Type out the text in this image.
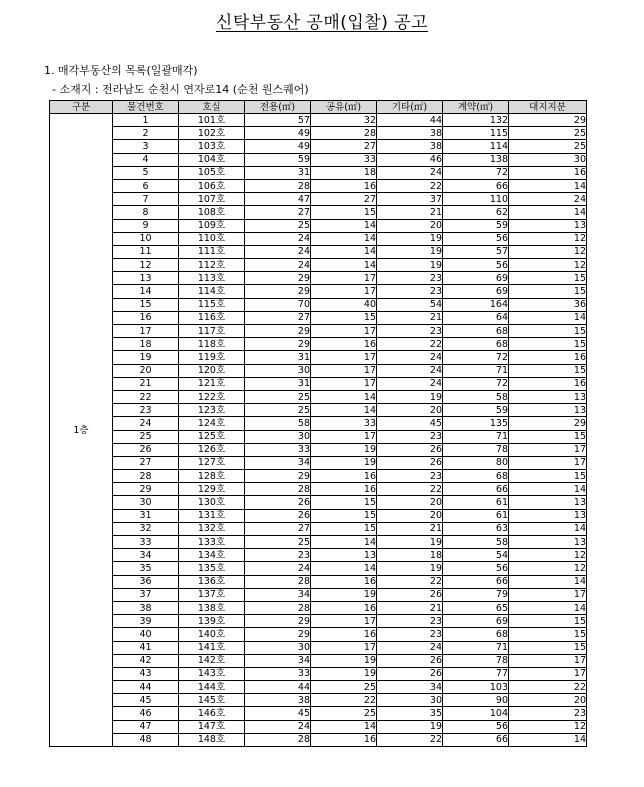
신탁부동산 공매(입찰) 공고
1. 매각부동산의 목록(일괄매각)
- 소재지 : 전라남도 순천시 연자로14 (순천 원스퀘어)
구분	물건번호	호실	전용(㎡)	공유(㎡)	기타(㎡)	계약(㎡)	대지지분
1층	1	101호	57	32	44	132	29
	2	102호	49	28	38	115	25
	3	103호	49	27	38	114	25
	4	104호	59	33	46	138	30
	5	105호	31	18	24	72	16
	6	106호	28	16	22	66	14
	7	107호	47	27	37	110	24
	8	108호	27	15	21	62	14
	9	109호	25	14	20	59	13
	10	110호	24	14	19	56	12
	11	111호	24	14	19	57	12
	12	112호	24	14	19	56	12
	13	113호	29	17	23	69	15
	14	114호	29	17	23	69	15
	15	115호	70	40	54	164	36
	16	116호	27	15	21	64	14
	17	117호	29	17	23	68	15
	18	118호	29	16	22	68	15
	19	119호	31	17	24	72	16
	20	120호	30	17	24	71	15
	21	121호	31	17	24	72	16
	22	122호	25	14	19	58	13
	23	123호	25	14	20	59	13
	24	124호	58	33	45	135	29
	25	125호	30	17	23	71	15
	26	126호	33	19	26	78	17
	27	127호	34	19	26	80	17
	28	128호	29	16	23	68	15
	29	129호	28	16	22	66	14
	30	130호	26	15	20	61	13
	31	131호	26	15	20	61	13
	32	132호	27	15	21	63	14
	33	133호	25	14	19	58	13
	34	134호	23	13	18	54	12
	35	135호	24	14	19	56	12
	36	136호	28	16	22	66	14
	37	137호	34	19	26	79	17
	38	138호	28	16	21	65	14
	39	139호	29	17	23	69	15
	40	140호	29	16	23	68	15
	41	141호	30	17	24	71	15
	42	142호	34	19	26	78	17
	43	143호	33	19	26	77	17
	44	144호	44	25	34	103	22
	45	145호	38	22	30	90	20
	46	146호	45	25	35	104	23
	47	147호	24	14	19	56	12
	48	148호	28	16	22	66	14
